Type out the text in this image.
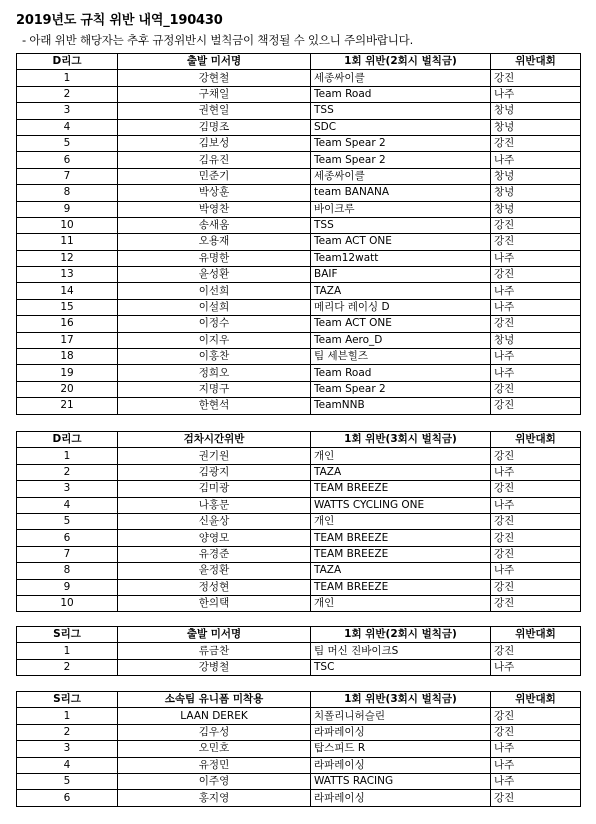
2019년도 규칙 위반 내역_190430
- 아래 위반 해당자는 추후 규정위반시 벌칙금이 책정될 수 있으니 주의바랍니다.
D리그	출발 미서명	1회 위반(2회시 벌칙금)	위반대회
1	강현철	세종싸이클	강진
2	구채일	Team Road	나주
3	권현일	TSS	창녕
4	김명조	SDC	창녕
5	김보성	Team Spear 2	강진
6	김유진	Team Spear 2	나주
7	민준기	세종싸이클	창녕
8	박상훈	team BANANA	창녕
9	박영찬	바이크루	창녕
10	송새움	TSS	강진
11	오용재	Team ACT ONE	강진
12	유명한	Team12watt	나주
13	윤성환	BAIF	강진
14	이선희	TAZA	나주
15	이설희	메리다 레이싱 D	나주
16	이정수	Team ACT ONE	강진
17	이지우	Team Aero_D	창녕
18	이홍찬	팀 세븐힐즈	나주
19	정희오	Team Road	나주
20	지명구	Team Spear 2	강진
21	한현석	TeamNNB	강진
D리그	검차시간위반	1회 위반(3회시 벌칙금)	위반대회
1	권기원	개인	강진
2	김광지	TAZA	나주
3	김미광	TEAM BREEZE	강진
4	나홍문	WATTS CYCLING ONE	나주
5	신윤상	개인	강진
6	양영모	TEAM BREEZE	강진
7	유경준	TEAM BREEZE	강진
8	윤정환	TAZA	나주
9	정성현	TEAM BREEZE	강진
10	한의택	개인	강진
S리그	출발 미서명	1회 위반(2회시 벌칙금)	위반대회
1	류금찬	팀 머신 진바이크S	강진
2	강병철	TSC	나주
S리그	소속팀 유니폼 미착용	1회 위반(3회시 벌칙금)	위반대회
1	LAAN DEREK	치폴리니허슬린	강진
2	김우성	라파레이싱	강진
3	오민호	탑스피드 R	나주
4	유정민	라파레이싱	나주
5	이주영	WATTS RACING	나주
6	홍지영	라파레이싱	강진
